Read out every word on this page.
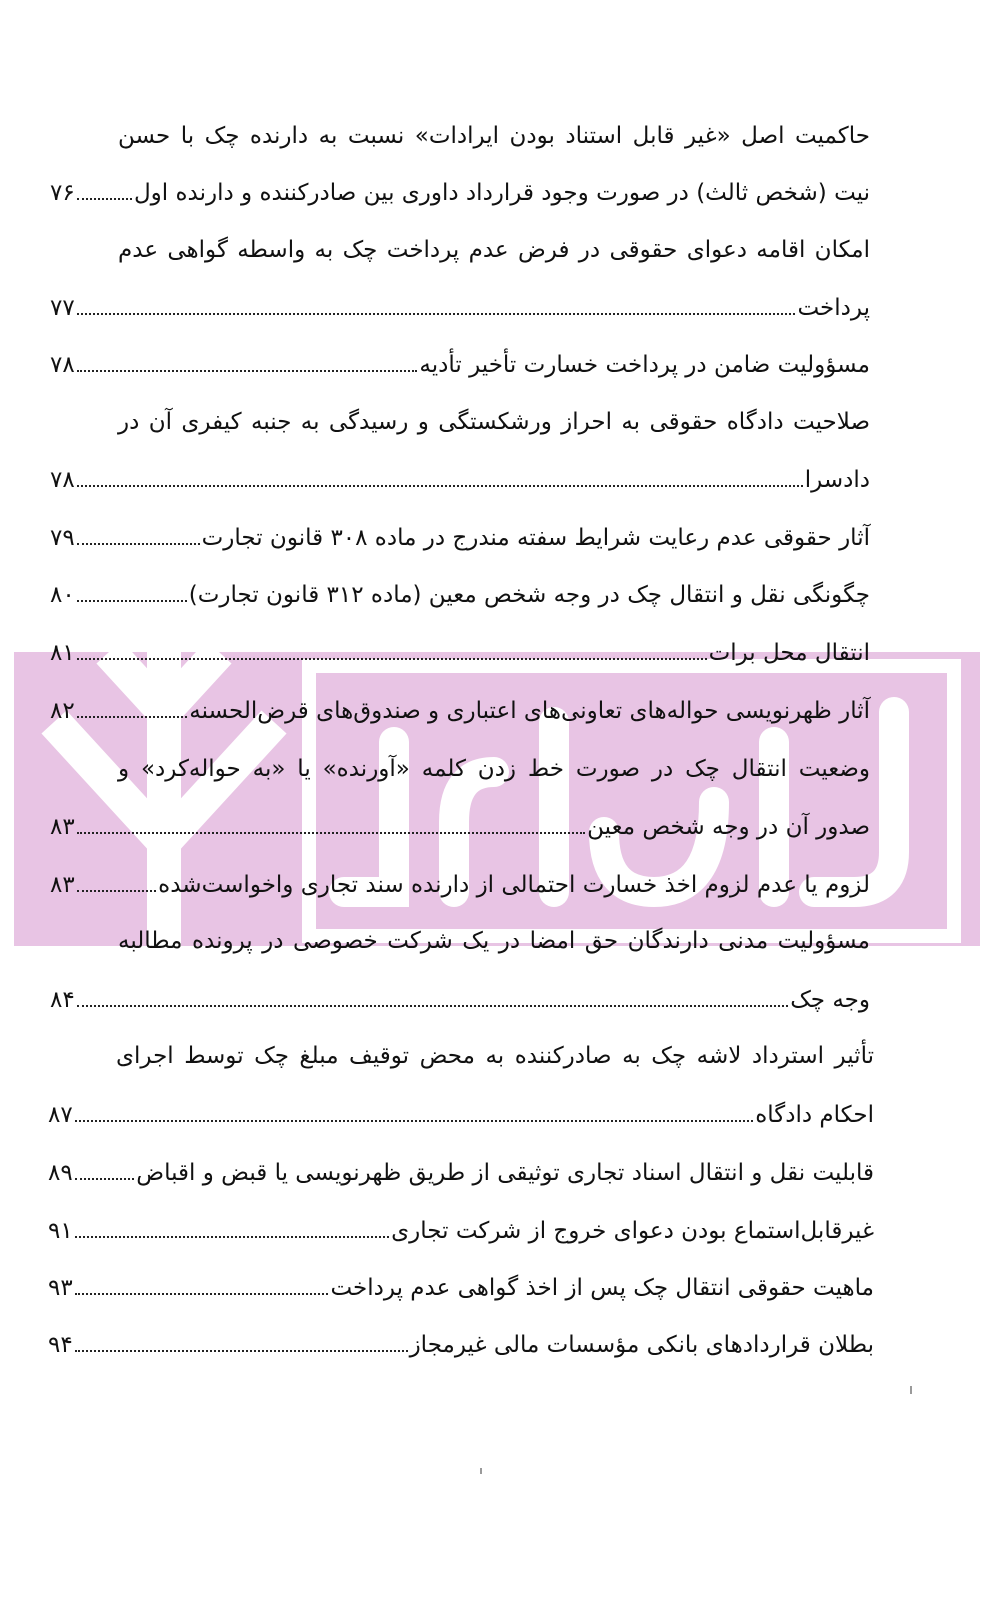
حاکمیت اصل «غیر قابل استناد بودن ایرادات» نسبت به دارنده چک با حسن
نیت (شخص ثالث) در صورت وجود قرارداد داوری بین صادرکننده و دارنده اول
۷۶
امکان اقامه دعوای حقوقی در فرض عدم پرداخت چک به واسطه گواهی عدم
پرداخت
۷۷
مسؤولیت ضامن در پرداخت خسارت تأخیر تأدیه
۷۸
صلاحیت دادگاه حقوقی به احراز ورشکستگی و رسیدگی به جنبه کیفری آن در
دادسرا
۷۸
آثار حقوقی عدم رعایت شرایط سفته مندرج در ماده ۳۰۸ قانون تجارت
۷۹
چگونگی نقل و انتقال چک در وجه شخص معین (ماده ۳۱۲ قانون تجارت)
۸۰
انتقال محل برات
۸۱
آثار ظهرنویسی حواله‌های تعاونی‌های اعتباری و صندوق‌های قرض‌الحسنه
۸۲
وضعیت انتقال چک در صورت خط زدن کلمه «آورنده» یا «به حواله‌کرد» و
صدور آن در وجه شخص معین
۸۳
لزوم یا عدم لزوم اخذ خسارت احتمالی از دارنده سند تجاری واخواست‌شده
۸۳
مسؤولیت مدنی دارندگان حق امضا در یک شرکت خصوصی در پرونده مطالبه
وجه چک
۸۴
تأثیر استرداد لاشه چک به صادرکننده به محض توقیف مبلغ چک توسط اجرای
احکام دادگاه
۸۷
قابلیت نقل و انتقال اسناد تجاری توثیقی از طریق ظهرنویسی یا قبض و اقباض
۸۹
غیرقابل‌استماع بودن دعوای خروج از شرکت تجاری
۹۱
ماهیت حقوقی انتقال چک پس از اخذ گواهی عدم پرداخت
۹۳
بطلان قراردادهای بانکی مؤسسات مالی غیرمجاز
۹۴
